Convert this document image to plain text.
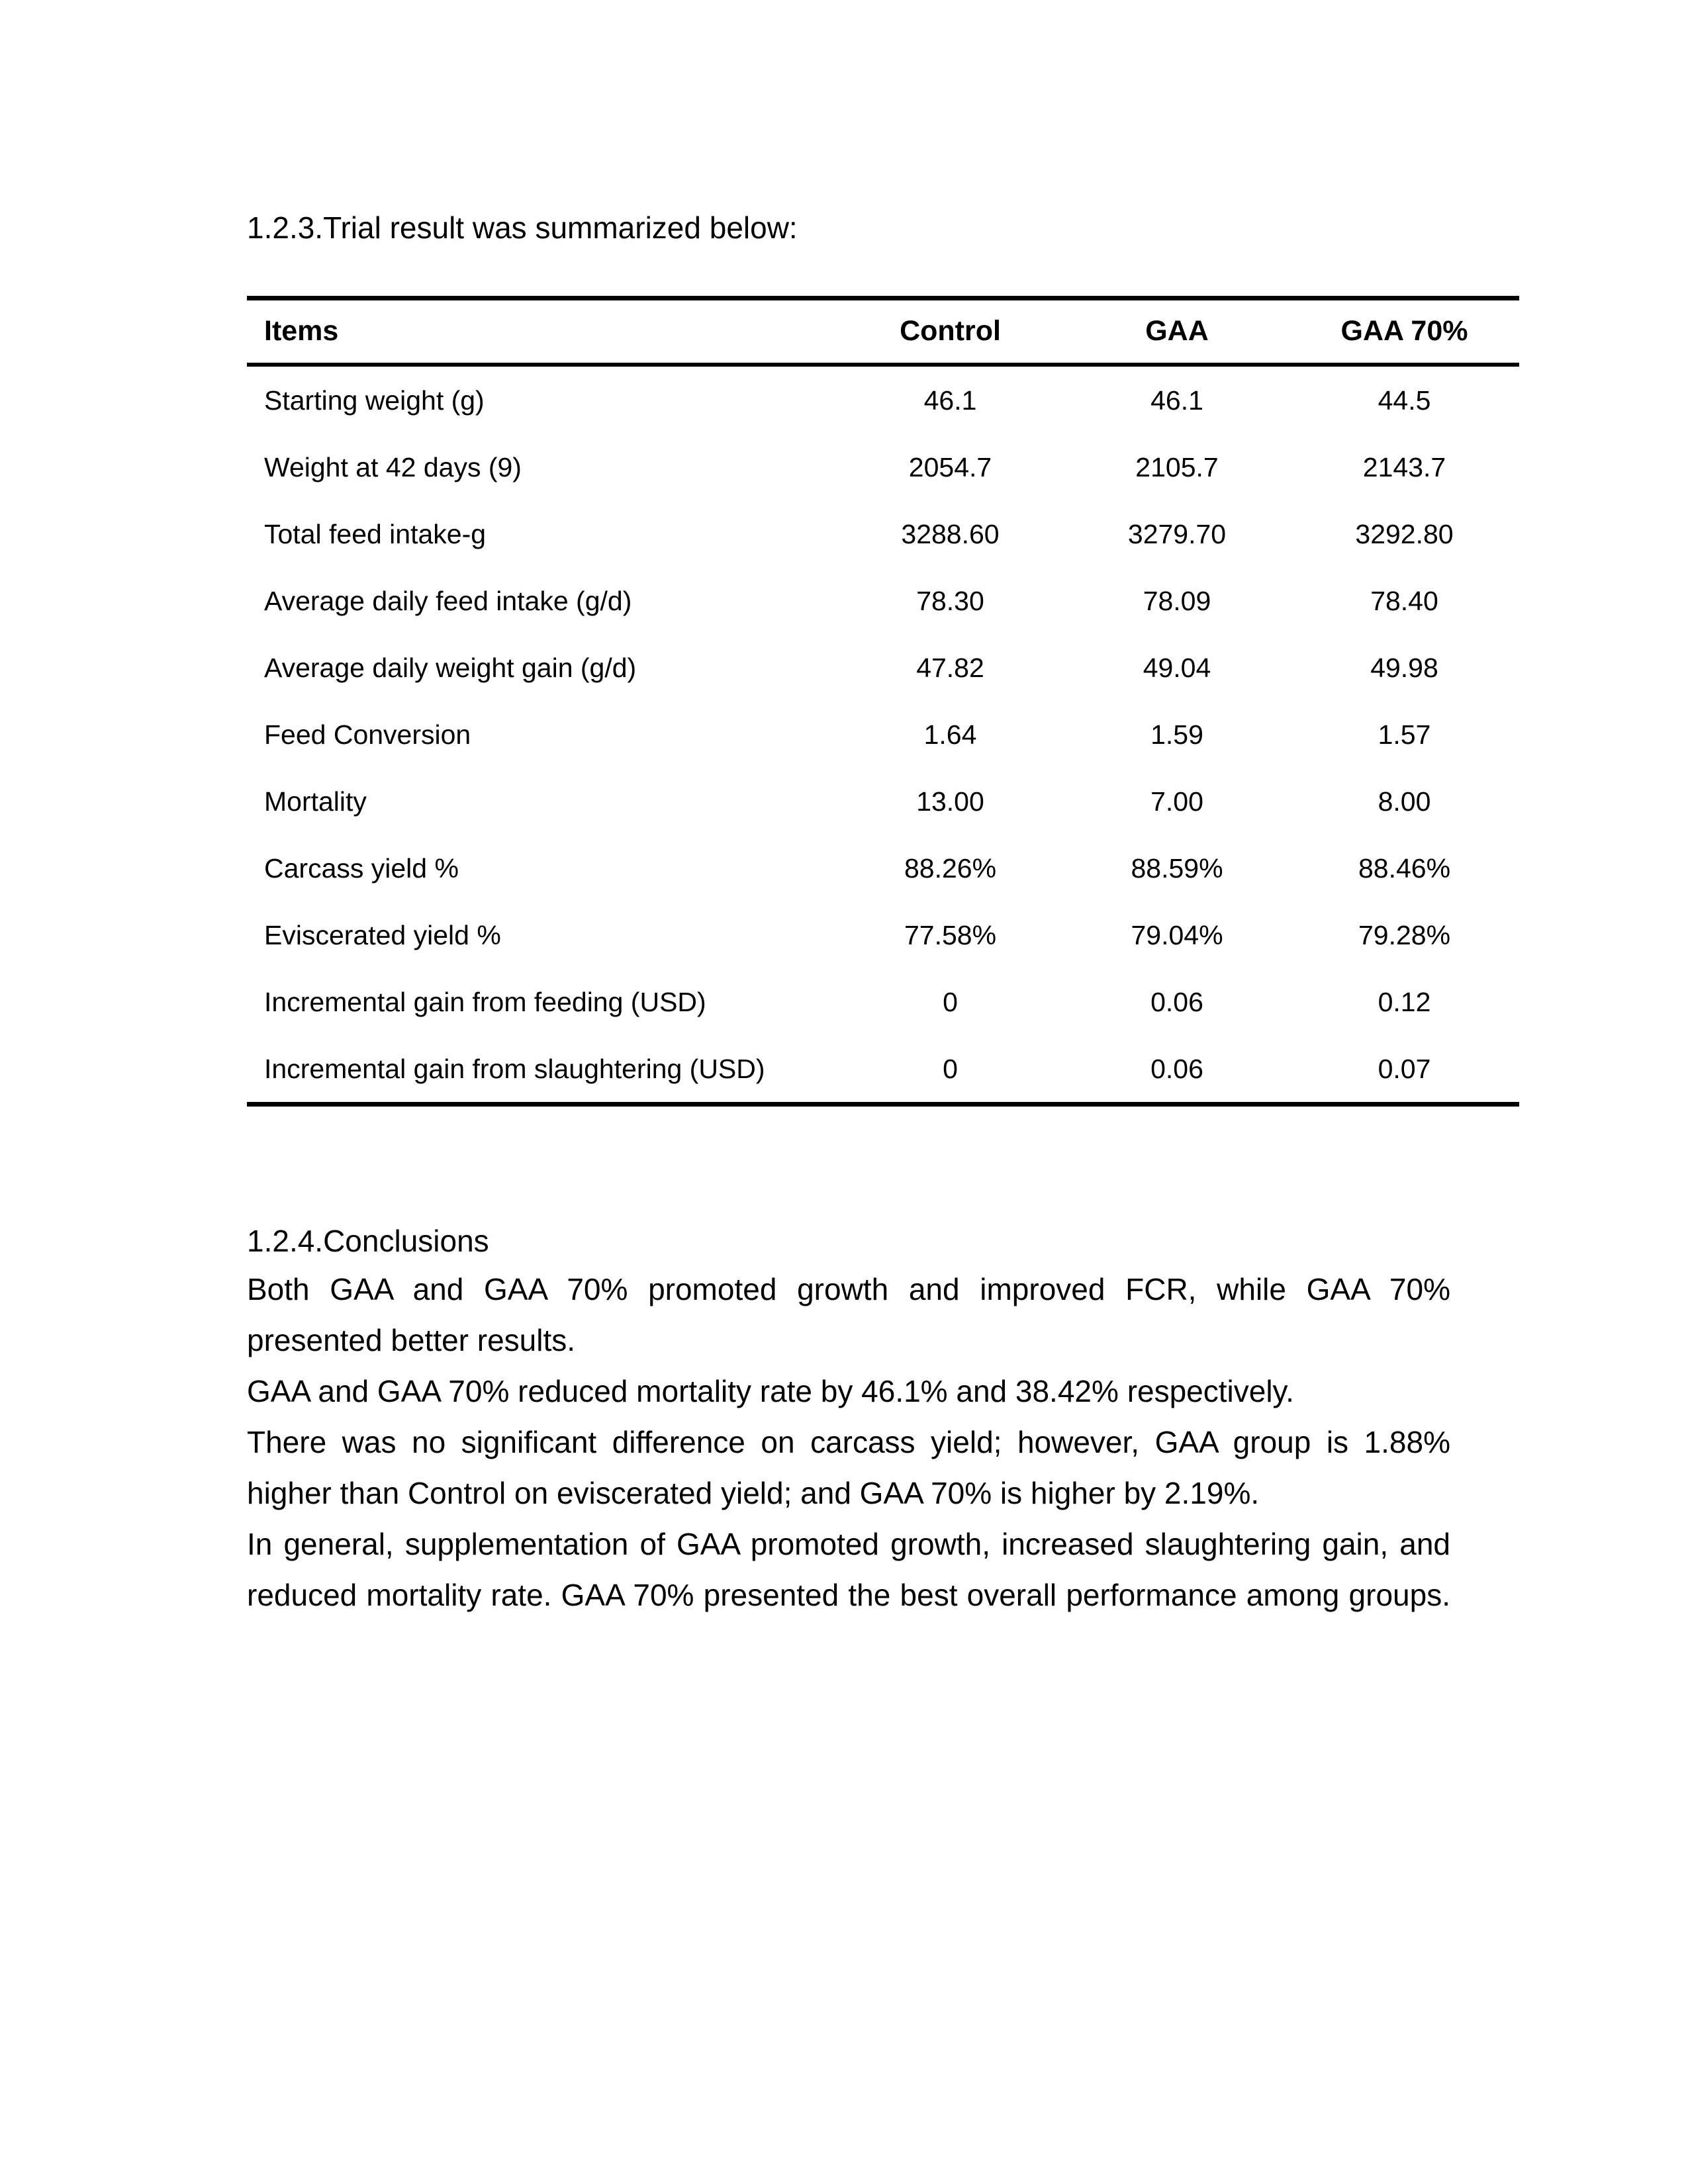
1.2.3.Trial result was summarized below:
Items	Control	GAA	GAA 70%
Starting weight (g)	46.1	46.1	44.5
Weight at 42 days (9)	2054.7	2105.7	2143.7
Total feed intake-g	3288.60	3279.70	3292.80
Average daily feed intake (g/d)	78.30	78.09	78.40
Average daily weight gain (g/d)	47.82	49.04	49.98
Feed Conversion	1.64	1.59	1.57
Mortality	13.00	7.00	8.00
Carcass yield %	88.26%	88.59%	88.46%
Eviscerated yield %	77.58%	79.04%	79.28%
Incremental gain from feeding (USD)	0	0.06	0.12
Incremental gain from slaughtering (USD)	0	0.06	0.07
1.2.4.Conclusions

Both GAA and GAA 70% promoted growth and improved FCR, while GAA 70% presented better results.

GAA and GAA 70% reduced mortality rate by 46.1% and 38.42% respectively.

There was no significant difference on carcass yield; however, GAA group is 1.88% higher than Control on eviscerated yield; and GAA 70% is higher by 2.19%.

In general, supplementation of GAA promoted growth, increased slaughtering gain, and reduced mortality rate. GAA 70% presented the best overall performance among groups.
